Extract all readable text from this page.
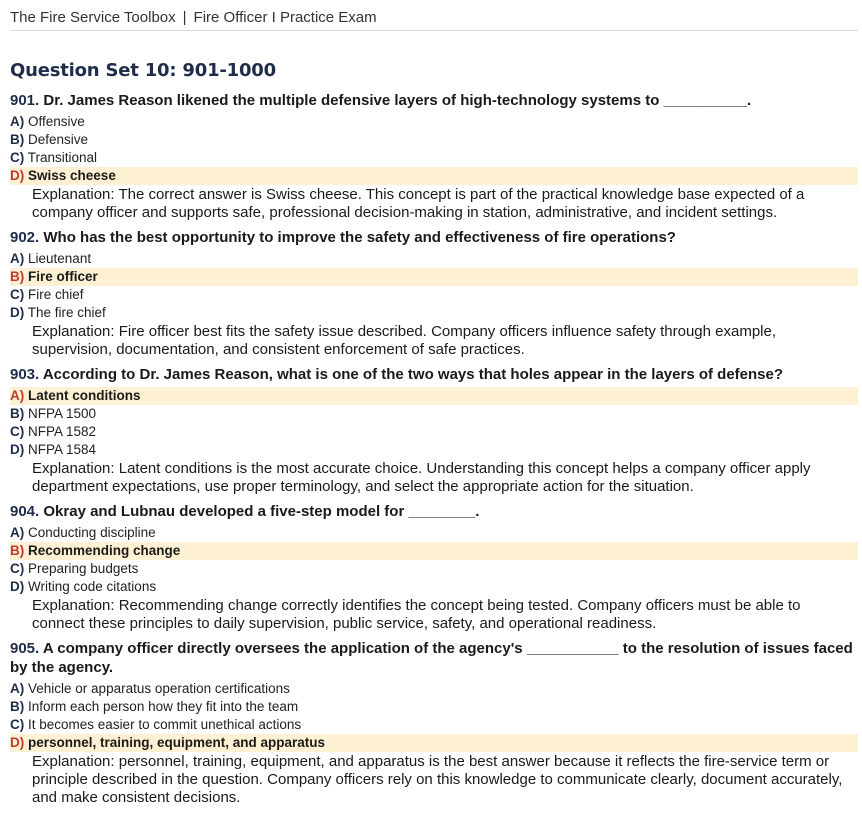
The Fire Service Toolbox | Fire Officer I Practice Exam
Question Set 10: 901-1000
901. Dr. James Reason likened the multiple defensive layers of high-technology systems to __________.
A) Offensive
B) Defensive
C) Transitional
D) Swiss cheese
Explanation: The correct answer is Swiss cheese. This concept is part of the practical knowledge base expected of a company officer and supports safe, professional decision-making in station, administrative, and incident settings.
902. Who has the best opportunity to improve the safety and effectiveness of fire operations?
A) Lieutenant
B) Fire officer
C) Fire chief
D) The fire chief
Explanation: Fire officer best fits the safety issue described. Company officers influence safety through example, supervision, documentation, and consistent enforcement of safe practices.
903. According to Dr. James Reason, what is one of the two ways that holes appear in the layers of defense?
A) Latent conditions
B) NFPA 1500
C) NFPA 1582
D) NFPA 1584
Explanation: Latent conditions is the most accurate choice. Understanding this concept helps a company officer apply department expectations, use proper terminology, and select the appropriate action for the situation.
904. Okray and Lubnau developed a five-step model for ________.
A) Conducting discipline
B) Recommending change
C) Preparing budgets
D) Writing code citations
Explanation: Recommending change correctly identifies the concept being tested. Company officers must be able to connect these principles to daily supervision, public service, safety, and operational readiness.
905. A company officer directly oversees the application of the agency's ___________ to the resolution of issues faced by the agency.
A) Vehicle or apparatus operation certifications
B) Inform each person how they fit into the team
C) It becomes easier to commit unethical actions
D) personnel, training, equipment, and apparatus
Explanation: personnel, training, equipment, and apparatus is the best answer because it reflects the fire-service term or principle described in the question. Company officers rely on this knowledge to communicate clearly, document accurately, and make consistent decisions.
